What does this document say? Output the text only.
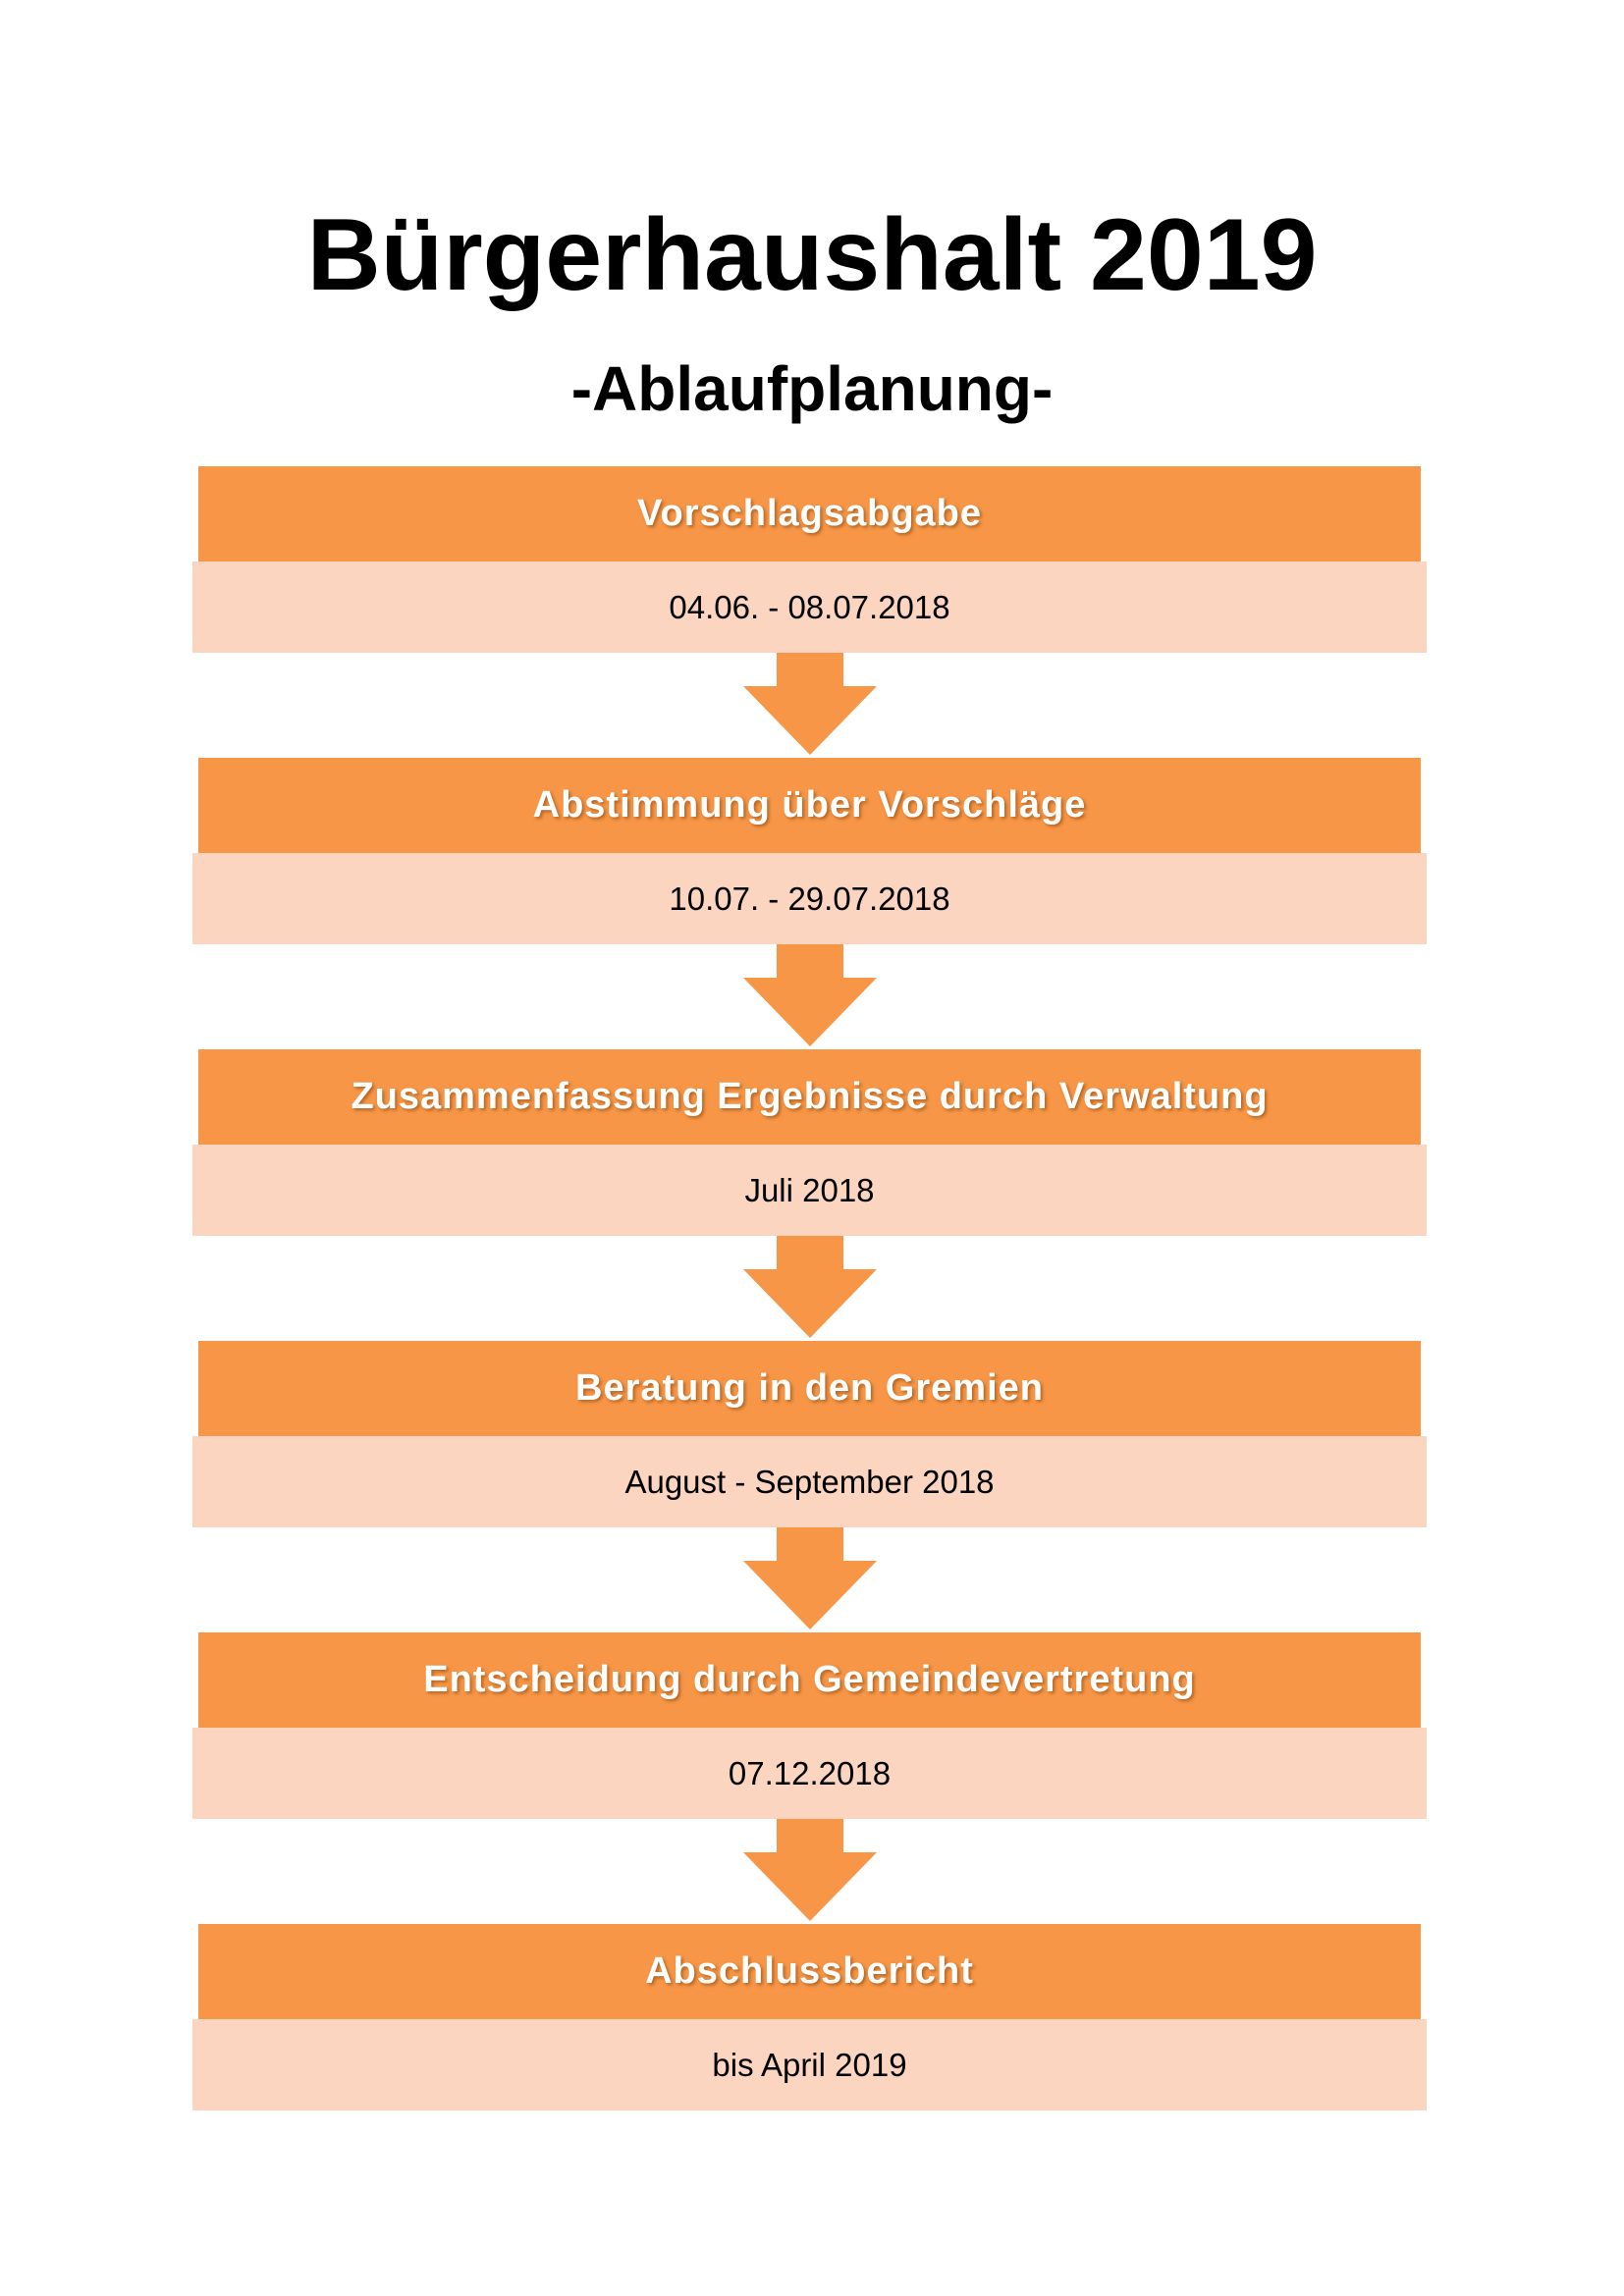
Bürgerhaushalt 2019
-Ablaufplanung-
Vorschlagsabgabe
04.06. - 08.07.2018
Abstimmung über Vorschläge
10.07. - 29.07.2018
Zusammenfassung Ergebnisse durch Verwaltung
Juli 2018
Beratung in den Gremien
August - September 2018
Entscheidung durch Gemeindevertretung
07.12.2018
Abschlussbericht
bis April 2019
